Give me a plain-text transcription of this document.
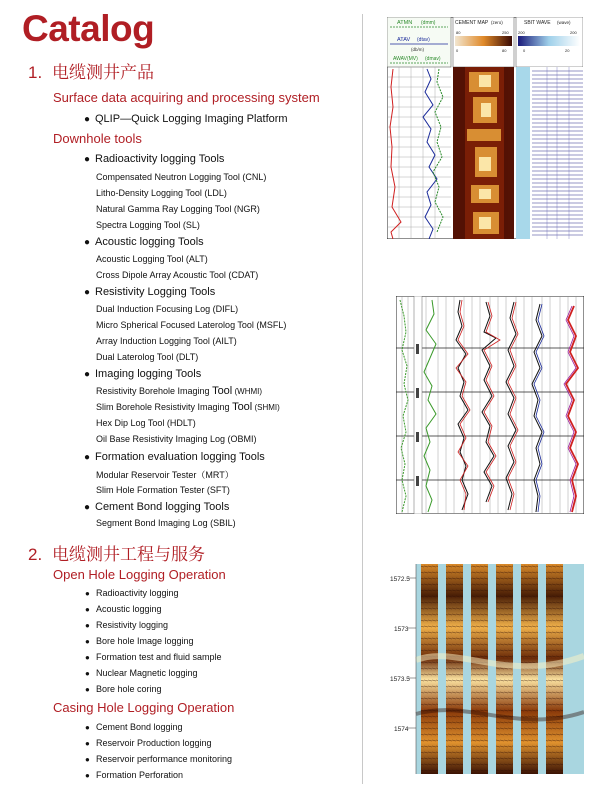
Catalog
1. 电缆测井产品
Surface data acquiring and processing system
● QLIP—Quick Logging Imaging Platform
Downhole tools
● Radioactivity logging Tools
Compensated Neutron Logging Tool (CNL)
Litho-Density Logging Tool (LDL)
Natural Gamma Ray Logging Tool (NGR)
Spectra Logging Tool (SL)
● Acoustic logging Tools
Acoustic Logging Tool (ALT)
Cross Dipole Array Acoustic Tool (CDAT)
● Resistivity Logging Tools
Dual Induction Focusing Log (DIFL)
Micro Spherical Focused Laterolog Tool (MSFL)
Array Induction Logging Tool (AILT)
Dual Laterolog Tool (DLT)
● Imaging logging Tools
Resistivity Borehole Imaging Tool (WHMI)
Slim Borehole Resistivity Imaging Tool (SHMI)
Hex Dip Log Tool (HDLT)
Oil Base Resistivity Imaging Log (OBMI)
● Formation evaluation logging Tools
Modular Reservoir Tester（MRT）
Slim Hole Formation Tester (SFT)
● Cement Bond logging Tools
Segment Bond Imaging Log (SBIL)
2. 电缆测井工程与服务
Open Hole Logging Operation
● Radioactivity logging
● Acoustic logging
● Resistivity logging
● Bore hole Image logging
● Formation test and fluid sample
● Nuclear Magnetic logging
● Bore hole coring
Casing Hole Logging Operation
● Cement Bond logging
● Reservoir Production logging
● Reservoir performance monitoring
● Formation Perforation
ATMN (dmm)
ATAV (dtav)
(db/m)
AWAV(MV) (dmav)
CEMENT MAP (zero)
0
250
80
80
SBIT WAVE (wave)
200	200
0	20
1572.5
1573
1573.5
1574
